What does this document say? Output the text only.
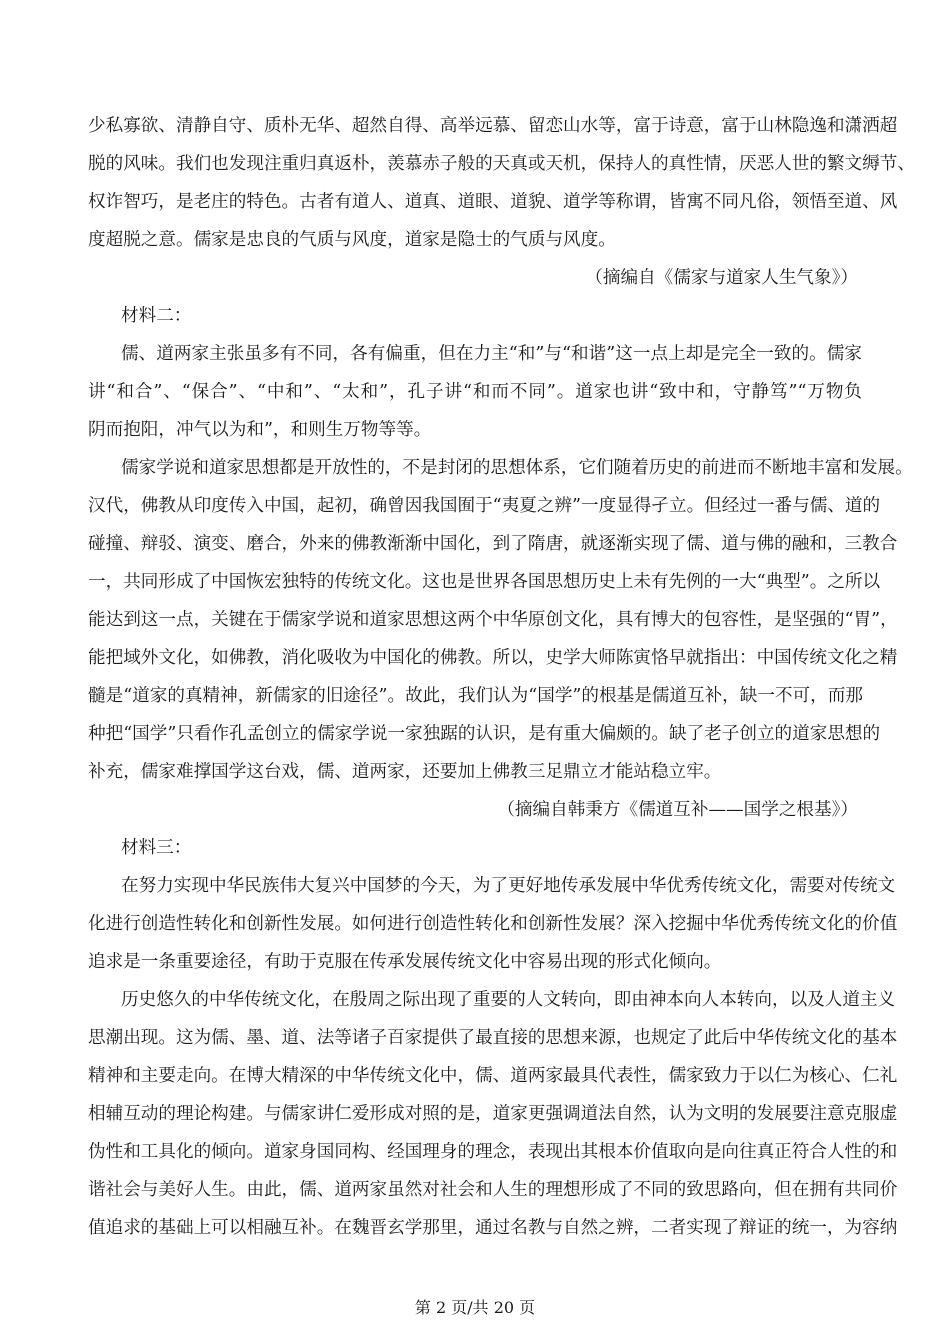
少私寡欲、清静自守、质朴无华、超然自得、高举远慕、留恋山水等，富于诗意，富于山林隐逸和潇洒超
脱的风味。我们也发现注重归真返朴，羡慕赤子般的天真或天机，保持人的真性情，厌恶人世的繁文缛节、
权诈智巧，是老庄的特色。古者有道人、道真、道眼、道貌、道学等称谓，皆寓不同凡俗，领悟至道、风
度超脱之意。儒家是忠良的气质与风度，道家是隐士的气质与风度。
（摘编自《儒家与道家人生气象》）
材料二：
儒、道两家主张虽多有不同，各有偏重，但在力主“和”与“和谐”这一点上却是完全一致的。儒家
讲“和合”、“保合”、“中和”、“太和”，孔子讲“和而不同”。道家也讲“致中和，守静笃”“万物负
阴而抱阳，冲气以为和”，和则生万物等等。
儒家学说和道家思想都是开放性的，不是封闭的思想体系，它们随着历史的前进而不断地丰富和发展。
汉代，佛教从印度传入中国，起初，确曾因我国囿于“夷夏之辨”一度显得孑立。但经过一番与儒、道的
碰撞、辩驳、演变、磨合，外来的佛教渐渐中国化，到了隋唐，就逐渐实现了儒、道与佛的融和，三教合
一，共同形成了中国恢宏独特的传统文化。这也是世界各国思想历史上未有先例的一大“典型”。之所以
能达到这一点，关键在于儒家学说和道家思想这两个中华原创文化，具有博大的包容性，是坚强的“胃”，
能把域外文化，如佛教，消化吸收为中国化的佛教。所以，史学大师陈寅恪早就指出：中国传统文化之精
髓是“道家的真精神，新儒家的旧途径”。故此，我们认为“国学”的根基是儒道互补，缺一不可，而那
种把“国学”只看作孔孟创立的儒家学说一家独踞的认识，是有重大偏颇的。缺了老子创立的道家思想的
补充，儒家难撑国学这台戏，儒、道两家，还要加上佛教三足鼎立才能站稳立牢。
（摘编自韩秉方《儒道互补——国学之根基》）
材料三：
在努力实现中华民族伟大复兴中国梦的今天，为了更好地传承发展中华优秀传统文化，需要对传统文
化进行创造性转化和创新性发展。如何进行创造性转化和创新性发展？深入挖掘中华优秀传统文化的价值
追求是一条重要途径，有助于克服在传承发展传统文化中容易出现的形式化倾向。
历史悠久的中华传统文化，在殷周之际出现了重要的人文转向，即由神本向人本转向，以及人道主义
思潮出现。这为儒、墨、道、法等诸子百家提供了最直接的思想来源，也规定了此后中华传统文化的基本
精神和主要走向。在博大精深的中华传统文化中，儒、道两家最具代表性，儒家致力于以仁为核心、仁礼
相辅互动的理论构建。与儒家讲仁爱形成对照的是，道家更强调道法自然，认为文明的发展要注意克服虚
伪性和工具化的倾向。道家身国同构、经国理身的理念，表现出其根本价值取向是向往真正符合人性的和
谐社会与美好人生。由此，儒、道两家虽然对社会和人生的理想形成了不同的致思路向，但在拥有共同价
值追求的基础上可以相融互补。在魏晋玄学那里，通过名教与自然之辨，二者实现了辩证的统一，为容纳
第 2 页/共 20 页
